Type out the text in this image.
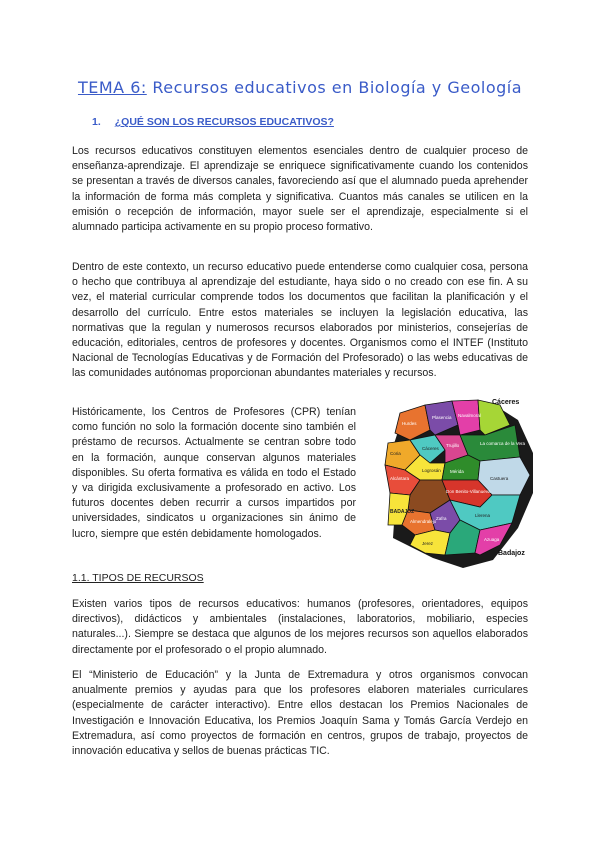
TEMA 6: Recursos educativos en Biología y Geología
1. ¿QUÉ SON LOS RECURSOS EDUCATIVOS?

Los recursos educativos constituyen elementos esenciales dentro de cualquier proceso de enseñanza-aprendizaje. El aprendizaje se enriquece significativamente cuando los contenidos se presentan a través de diversos canales, favoreciendo así que el alumnado pueda aprehender la información de forma más completa y significativa. Cuantos más canales se utilicen en la emisión o recepción de información, mayor suele ser el aprendizaje, especialmente si el alumnado participa activamente en su propio proceso formativo.

Dentro de este contexto, un recurso educativo puede entenderse como cualquier cosa, persona o hecho que contribuya al aprendizaje del estudiante, haya sido o no creado con ese fin. A su vez, el material curricular comprende todos los documentos que facilitan la planificación y el desarrollo del currículo. Entre estos materiales se incluyen la legislación educativa, las normativas que la regulan y numerosos recursos elaborados por ministerios, consejerías de educación, editoriales, centros de profesores y docentes. Organismos como el INTEF (Instituto Nacional de Tecnologías Educativas y de Formación del Profesorado) o las webs educativas de las comunidades autónomas proporcionan abundantes materiales y recursos.

Históricamente, los Centros de Profesores (CPR) tenían como función no solo la formación docente sino también el préstamo de recursos. Actualmente se centran sobre todo en la formación, aunque conservan algunos materiales disponibles. Su oferta formativa es válida en todo el Estado y va dirigida exclusivamente a profesorado en activo. Los futuros docentes deben recurrir a cursos impartidos por universidades, sindicatos u organizaciones sin ánimo de lucro, siempre que estén debidamente homologados.

Hurdes
Plasencia Navalmoral
Coria
Cáceres
Trujillo	La comarca de la Vera
Alcántara
Logrosán Mérida
Don Benito-Villanueva
Castuera
BADAJOZ
Almendralejo
Zafra
Jerez
Llerena
Azuaga
Cáceres
Badajoz
1.1. TIPOS DE RECURSOS

Existen varios tipos de recursos educativos: humanos (profesores, orientadores, equipos directivos), didácticos y ambientales (instalaciones, laboratorios, mobiliario, especies naturales...). Siempre se destaca que algunos de los mejores recursos son aquellos elaborados directamente por el profesorado o el propio alumnado.

El “Ministerio de Educación” y la Junta de Extremadura y otros organismos convocan anualmente premios y ayudas para que los profesores elaboren materiales curriculares (especialmente de carácter interactivo). Entre ellos destacan los Premios Nacionales de Investigación e Innovación Educativa, los Premios Joaquín Sama y Tomás García Verdejo en Extremadura, así como proyectos de formación en centros, grupos de trabajo, proyectos de innovación educativa y sellos de buenas prácticas TIC.
